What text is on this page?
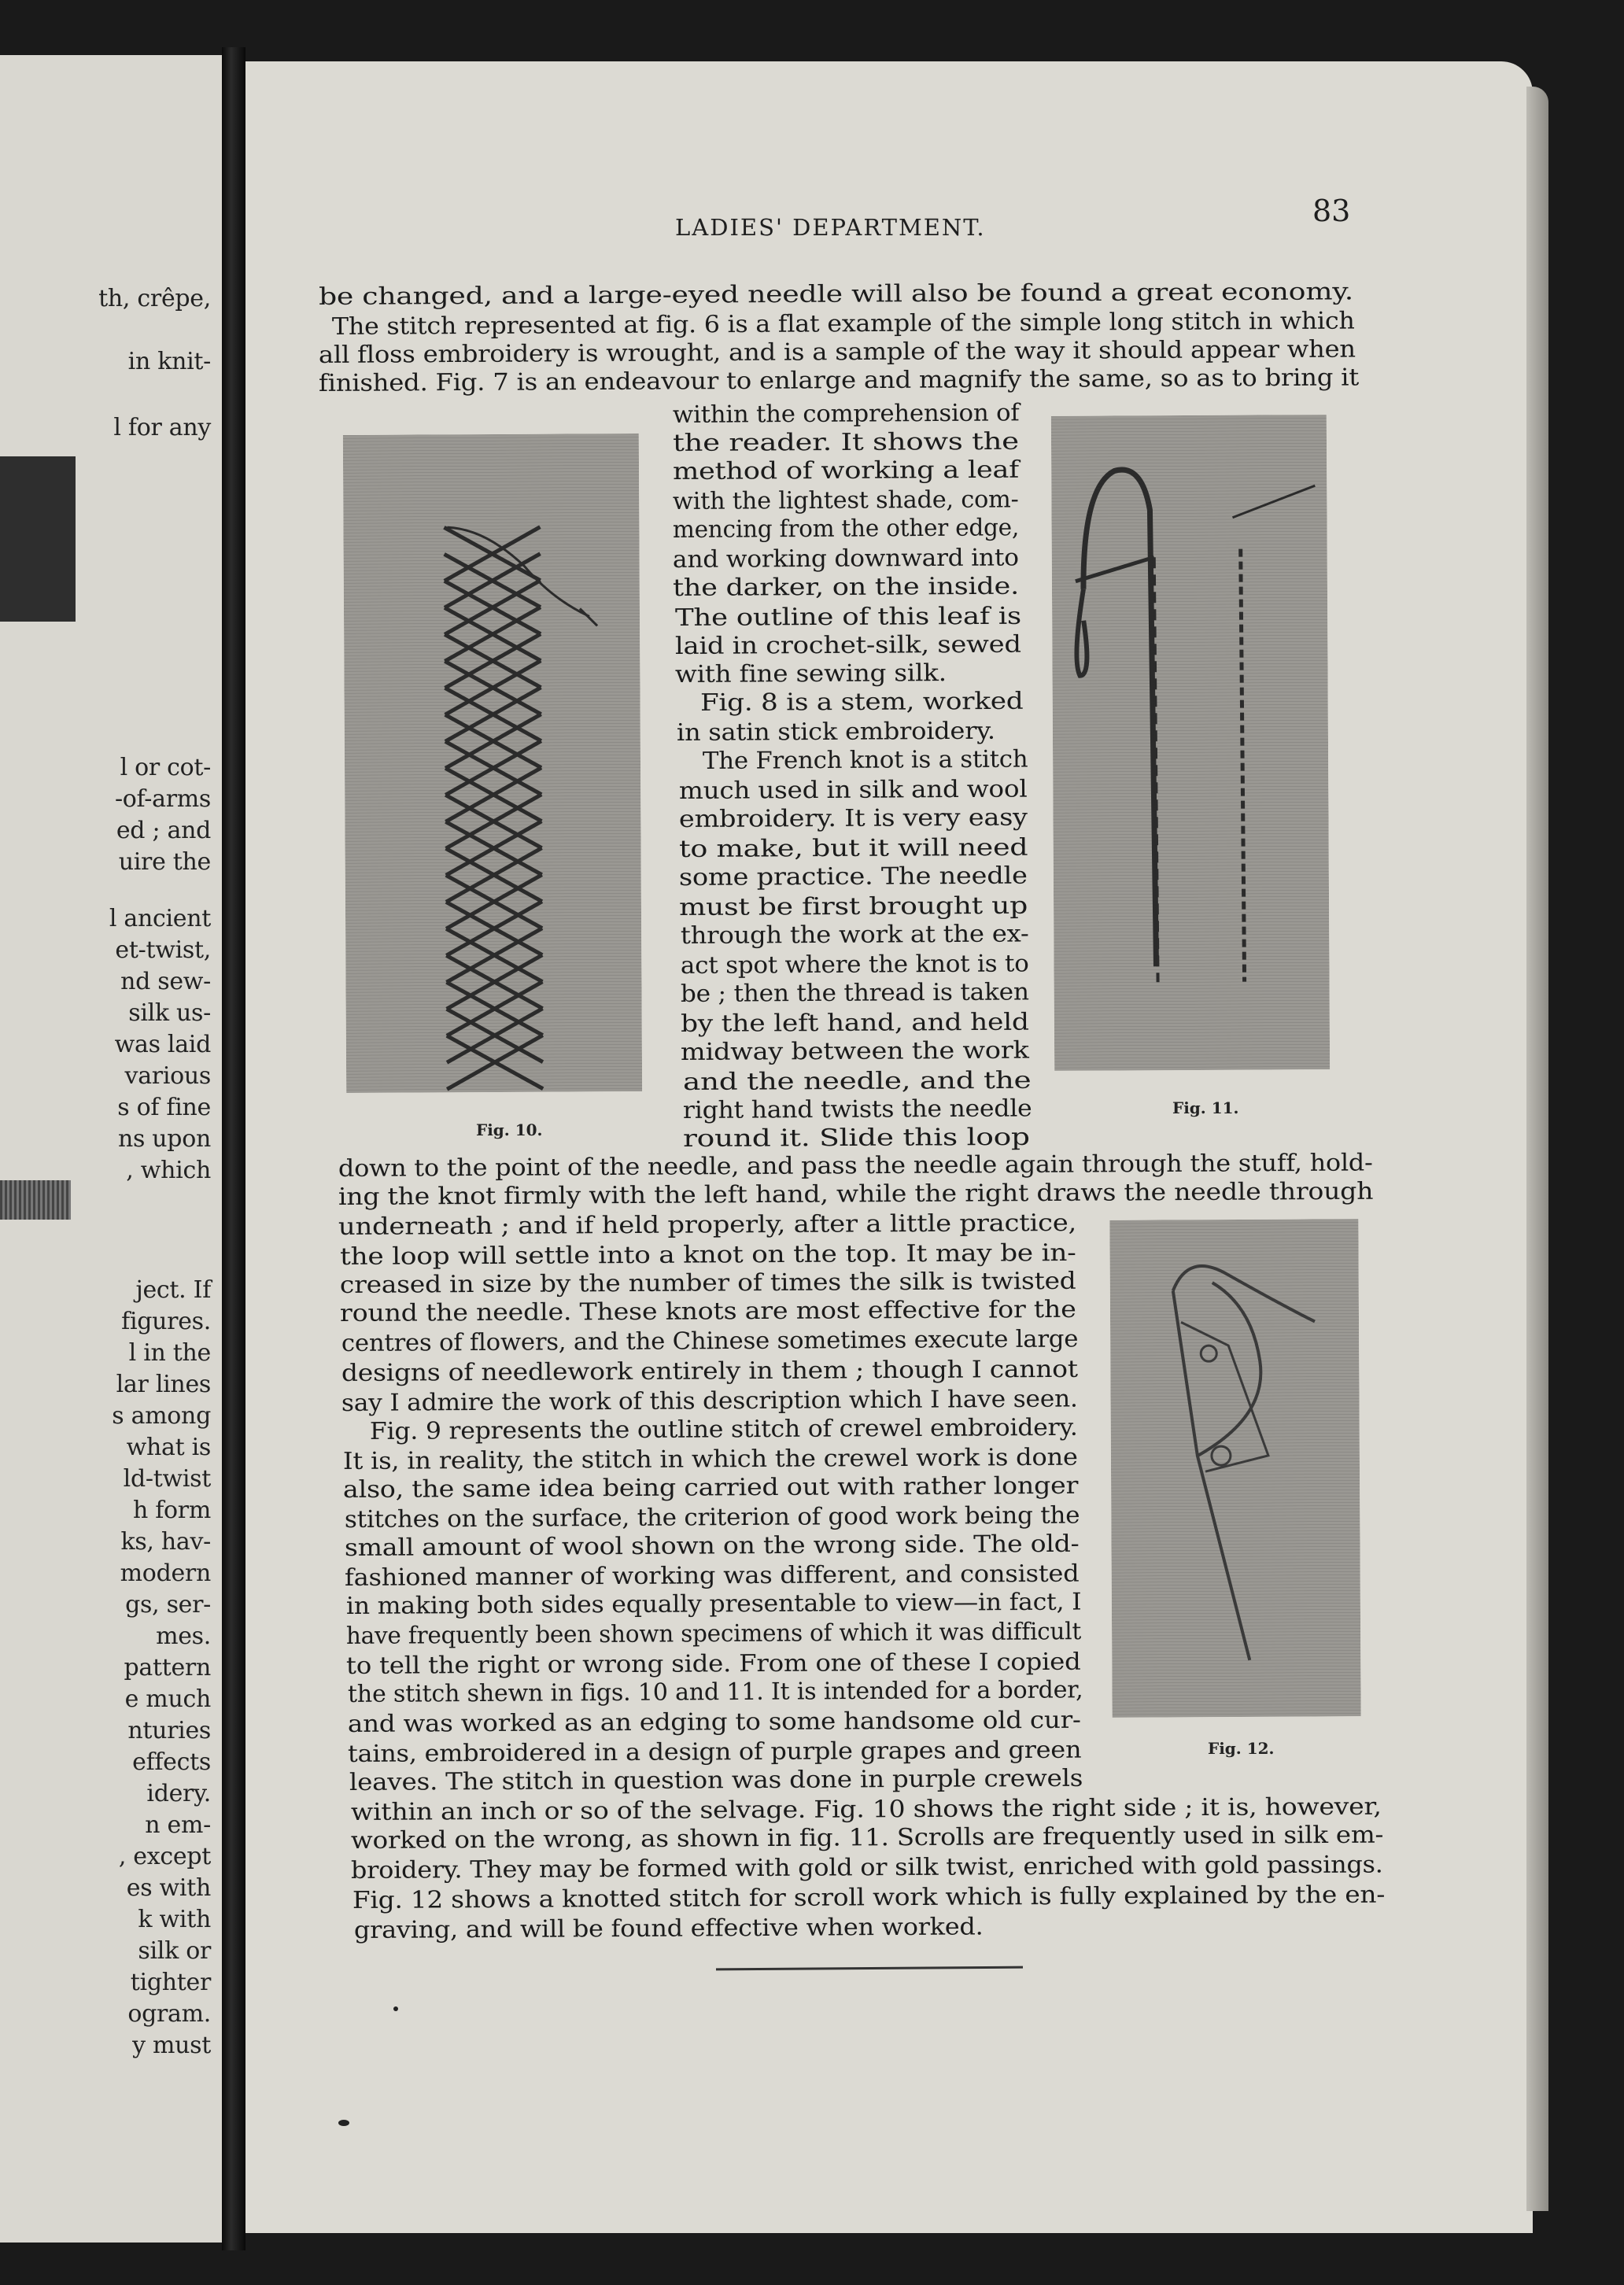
th, crêpe,
in knit-
l for any
l or cot-
-of-arms
ed ; and
uire the
l ancient
et-twist,
nd sew-
silk us-
was laid
various
s of fine
ns upon
, which
ject. If
figures.
l in the
lar lines
s among
what is
ld-twist
h form
ks, hav-
modern
gs, ser-
mes.
pattern
e much
nturies
effects
idery.
n em-
, except
es with
k with
silk or
tighter
ogram.
y must
LADIES' DEPARTMENT.	83
Fig. 10.
Fig. 11.
Fig. 12.
be changed, and a large-eyed needle will also be found a great economy.
The stitch represented at fig. 6 is a flat example of the simple long stitch in which
all floss embroidery is wrought, and is a sample of the way it should appear when
finished. Fig. 7 is an endeavour to enlarge and magnify the same, so as to bring it
within the comprehension of
the reader. It shows the
method of working a leaf
with the lightest shade, com-
mencing from the other edge,
and working downward into
the darker, on the inside.
The outline of this leaf is
laid in crochet-silk, sewed
with fine sewing silk.
Fig. 8 is a stem, worked
in satin stick embroidery.
The French knot is a stitch
much used in silk and wool
embroidery. It is very easy
to make, but it will need
some practice. The needle
must be first brought up
through the work at the ex-
act spot where the knot is to
be ; then the thread is taken
by the left hand, and held
midway between the work
and the needle, and the
right hand twists the needle
round it. Slide this loop
down to the point of the needle, and pass the needle again through the stuff, hold-
ing the knot firmly with the left hand, while the right draws the needle through
underneath ; and if held properly, after a little practice,
the loop will settle into a knot on the top. It may be in-
creased in size by the number of times the silk is twisted
round the needle. These knots are most effective for the
centres of flowers, and the Chinese sometimes execute large
designs of needlework entirely in them ; though I cannot
say I admire the work of this description which I have seen.
Fig. 9 represents the outline stitch of crewel embroidery.
It is, in reality, the stitch in which the crewel work is done
also, the same idea being carried out with rather longer
stitches on the surface, the criterion of good work being the
small amount of wool shown on the wrong side. The old-
fashioned manner of working was different, and consisted
in making both sides equally presentable to view—in fact, I
have frequently been shown specimens of which it was difficult
to tell the right or wrong side. From one of these I copied
the stitch shewn in figs. 10 and 11. It is intended for a border,
and was worked as an edging to some handsome old cur-
tains, embroidered in a design of purple grapes and green
leaves. The stitch in question was done in purple crewels
within an inch or so of the selvage. Fig. 10 shows the right side ; it is, however,
worked on the wrong, as shown in fig. 11. Scrolls are frequently used in silk em-
broidery. They may be formed with gold or silk twist, enriched with gold passings.
Fig. 12 shows a knotted stitch for scroll work which is fully explained by the en-
graving, and will be found effective when worked.
